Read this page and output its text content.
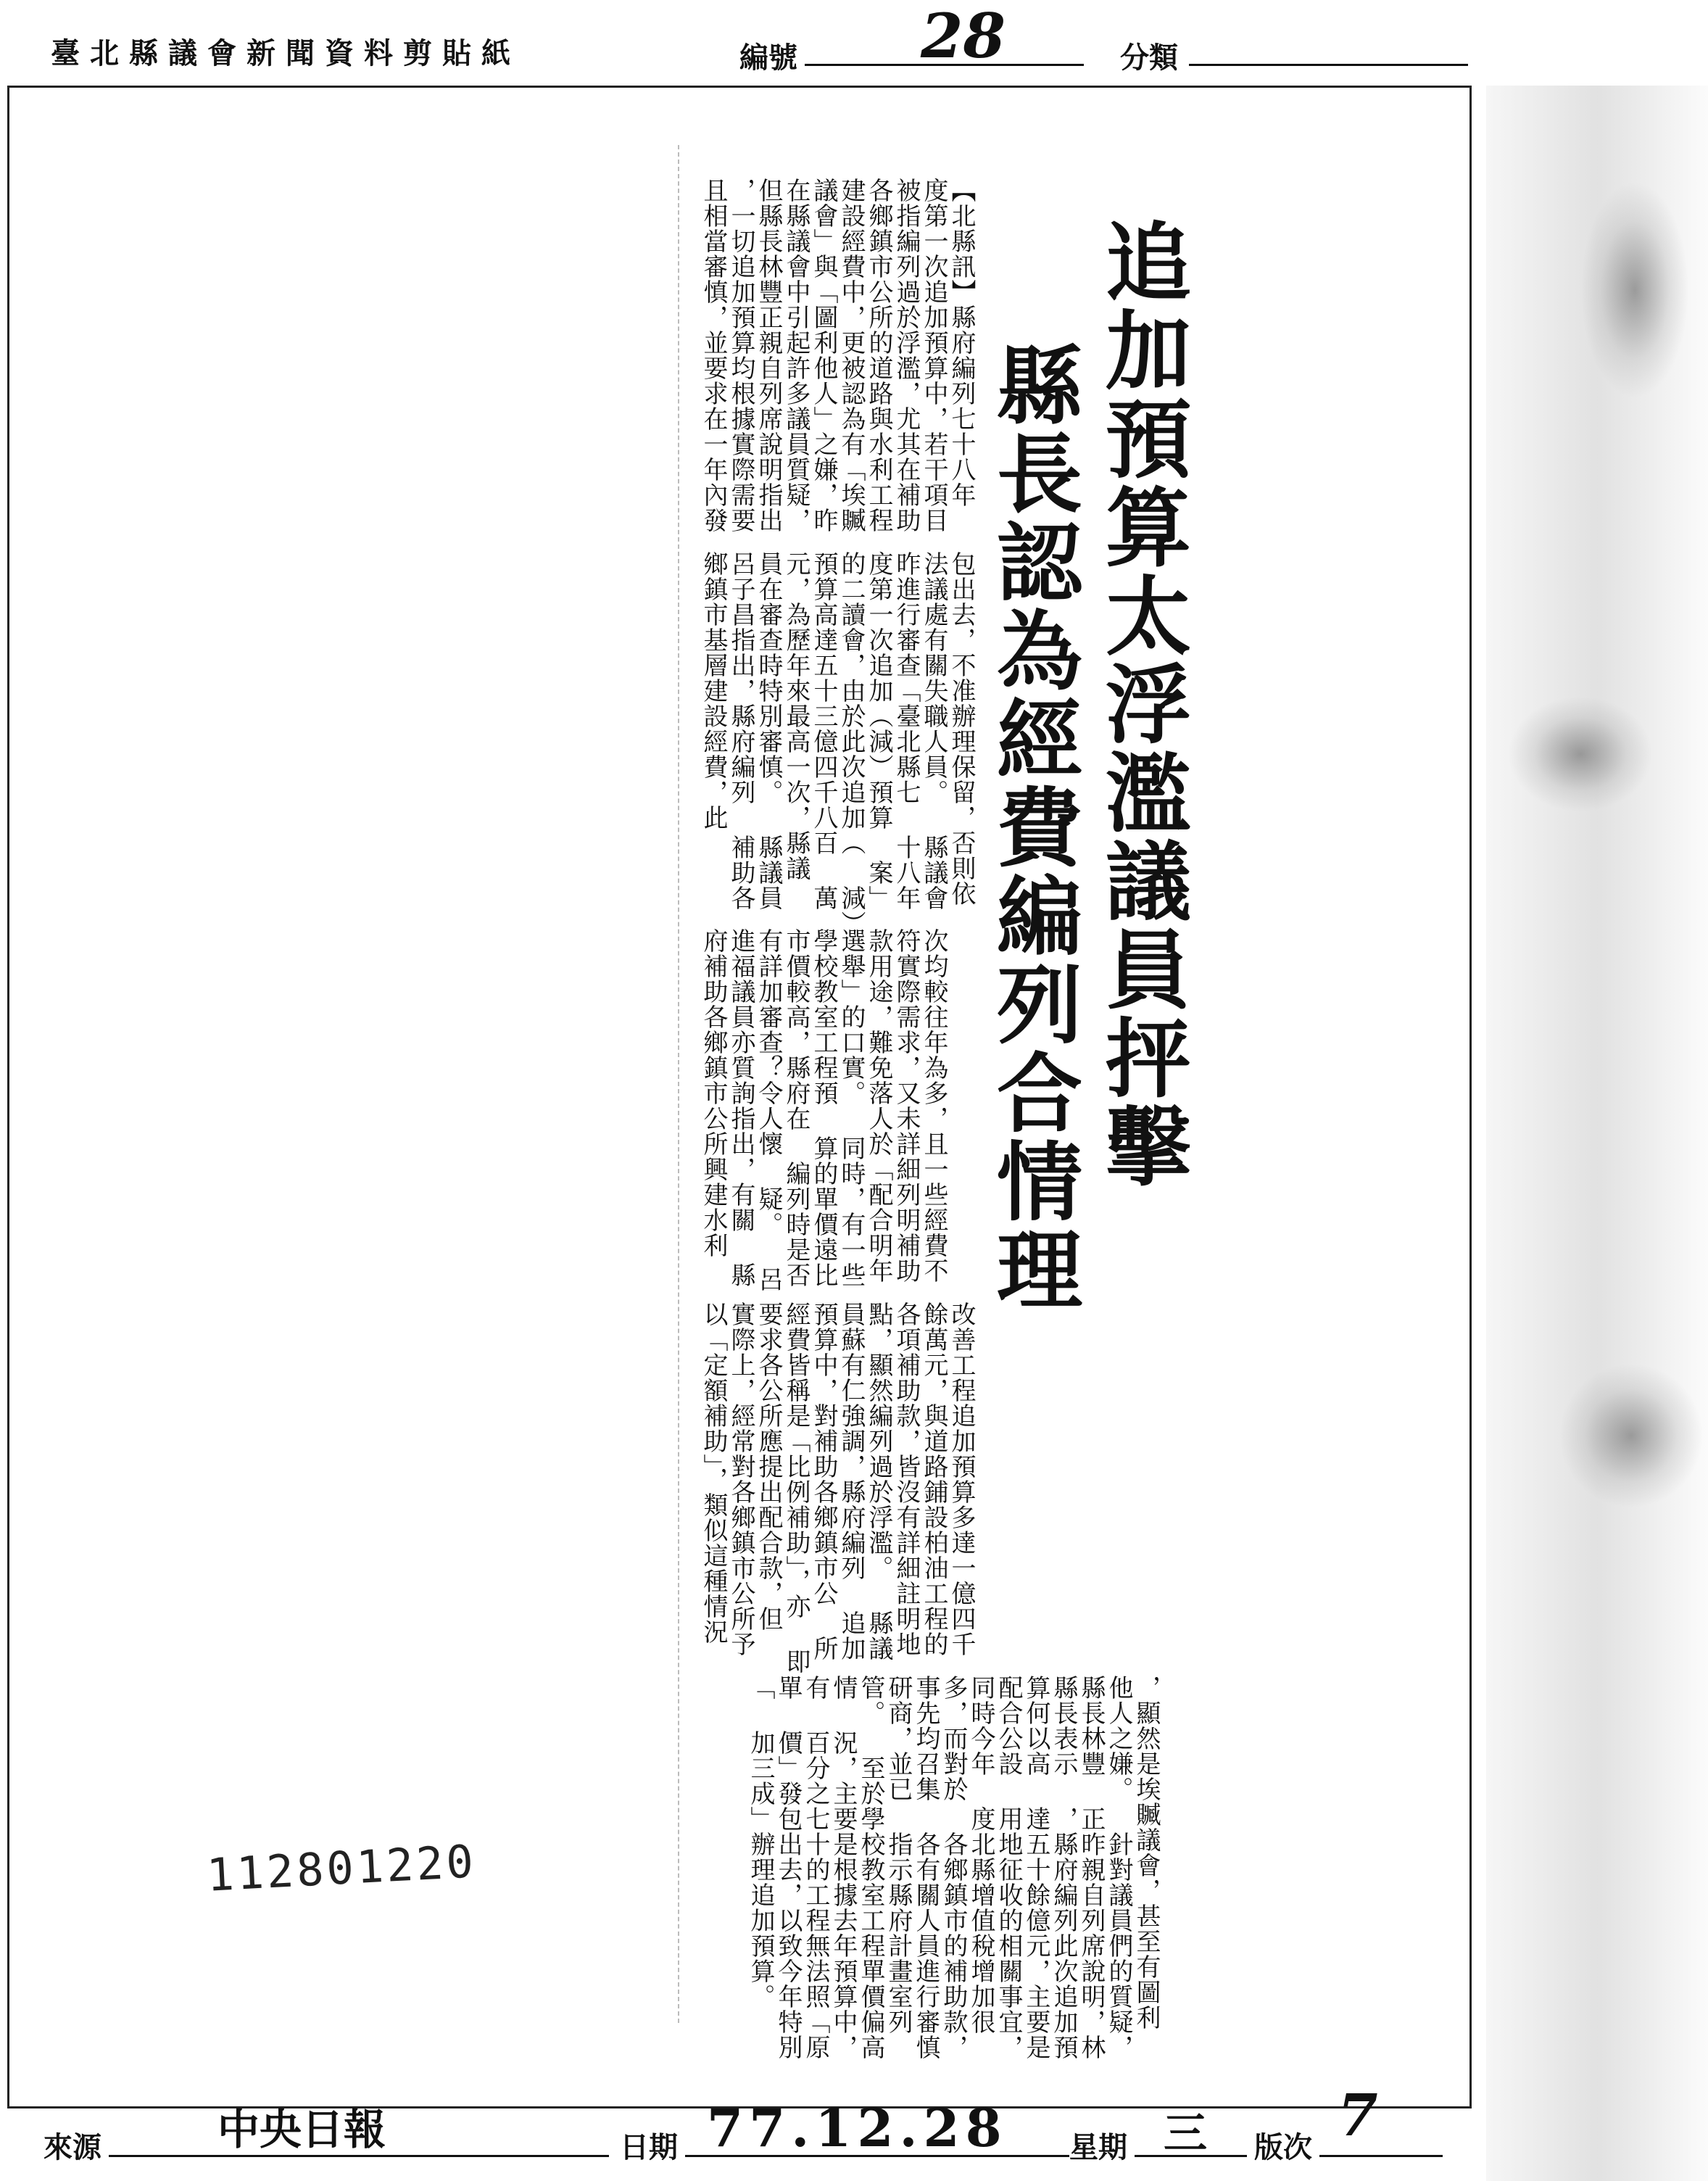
臺北縣議會新聞資料剪貼紙	編號 28	分類
追加預算太浮濫議員抨擊
縣長認為經費編列合情理
【北縣訊】縣府編列七十八年 度第一次追加預算中，若干項目 被指編列過於浮濫，尤其在補助 各鄉鎮市公所的道路與水利工程 建設經費中，更被認為有「埃贓 議會」與「圖利他人」之嫌，昨 在縣議會中引起許多議員質疑， 但縣長林豐正親自列席說明指出 ，一切追加預算均根據實際需要 且相當審慎，並要求在一年內發
包出去，不准辦理保留，否則依 法議處有關失職人員。 縣議會昨進行審查「臺北縣七 十八年度第一次追加（減）預算 案」的二讀會，由於此次追加（ 減）預算高達五十三億四千八百 萬元，為歷年來最高一次，縣議 員在審查時特別審慎。 縣議員呂子昌指出，縣府編列 補助各鄉鎮市基層建設經費，此
次均較往年為多，且一些經費不 符實際需求，又未詳細列明補助 款用途，難免落人於「配合明年 選舉」的口實。 同時，有一些學校教室工程預 算的單價遠比市價較高，縣府在 編列時是否有詳加審查？令人懷 疑。 呂進福議員亦質詢指出，有關 縣府補助各鄉鎮市公所興建水利
改善工程追加預算多達一億四千 餘萬元，與道路鋪設柏油工程的 各項補助款，皆沒有詳細註明地 點，顯然編列過於浮濫。 縣議員蘇有仁強調，縣府編列 追加預算中，對補助各鄉鎮市公 所經費皆稱是「比例補助」，亦 即要求各公所應提出配合款，但 實際上，經常對各鄉鎮市公所予 以「定額補助」，類似這種情況
，顯然是埃贓議會，甚至有圖利 他人之嫌。 針對議員們的質疑，縣長林豐 正昨親自列席說明，林縣長表示 ，縣府編列此次追加預算何以高 達五十餘億元，主要是配合公設 用地征收的相關事宜，同時今年 度北縣增值稅增加很多，而對於 各鄉鎮市的補助款，事先均召集 各有關人員進行審慎研商，並已 指示縣府計畫室列管。 至於學校教室工程單價偏高情 況，主要是根據去年預算中，有 百分之七十的工程無法照「原單 價」發包出去，以致今年特別「 加三成」辦理追加預算。
112801220
來源	中央日報	日期 77.12.28 星期 三 版次 7
